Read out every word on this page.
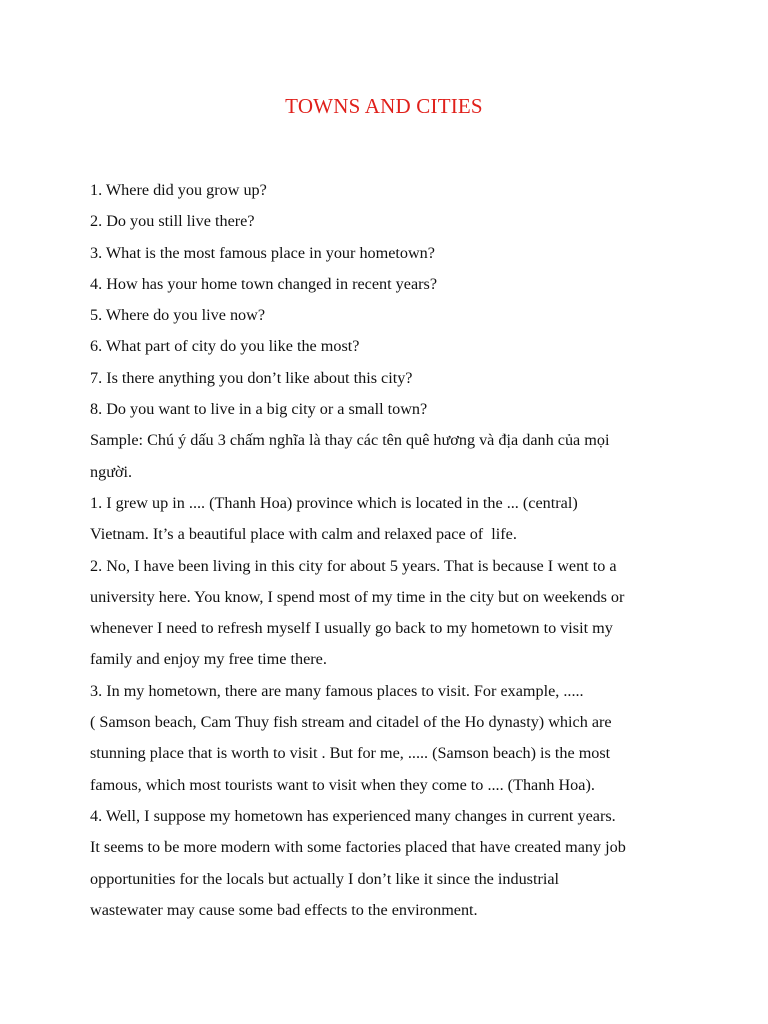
TOWNS AND CITIES
1. Where did you grow up?
2. Do you still live there?
3. What is the most famous place in your hometown?
4. How has your home town changed in recent years?
5. Where do you live now?
6. What part of city do you like the most?
7. Is there anything you don’t like about this city?
8. Do you want to live in a big city or a small town?
Sample: Chú ý dấu 3 chấm nghĩa là thay các tên quê hương và địa danh của mọi
người.
1. I grew up in .... (Thanh Hoa) province which is located in the ... (central)
Vietnam. It’s a beautiful place with calm and relaxed pace of  life.
2. No, I have been living in this city for about 5 years. That is because I went to a
university here. You know, I spend most of my time in the city but on weekends or
whenever I need to refresh myself I usually go back to my hometown to visit my
family and enjoy my free time there.
3. In my hometown, there are many famous places to visit. For example, .....
( Samson beach, Cam Thuy fish stream and citadel of the Ho dynasty) which are
stunning place that is worth to visit . But for me, ..... (Samson beach) is the most
famous, which most tourists want to visit when they come to .... (Thanh Hoa).
4. Well, I suppose my hometown has experienced many changes in current years.
It seems to be more modern with some factories placed that have created many job
opportunities for the locals but actually I don’t like it since the industrial
wastewater may cause some bad effects to the environment.
